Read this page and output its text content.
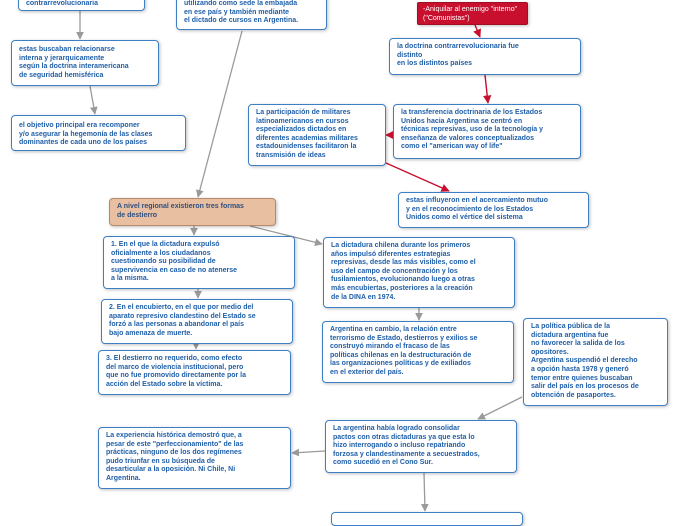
contrarrevolucionaria	utilizando como sede la embajada
en ese país y también mediante
el dictado de cursos en Argentina.
-Aniquilar al enemigo "interno"
("Comunistas")
estas buscaban relacionarse
interna y jerarquicamente
según la doctrina interamericana
de seguridad hemisférica
la doctrina contrarrevolucionaria fue
distinto
en los distintos países
el objetivo principal era recomponer
y/o asegurar la hegemonía de las clases
dominantes de cada uno de los países
La participación de militares
latinoamericanos en cursos
especializados dictados en
diferentes academias militares
estadounidenses facilitaron la
transmisión de ideas
la transferencia doctrinaria de los Estados
Unidos hacia Argentina se centró en
técnicas represivas, uso de la tecnología y
enseñanza de valores conceptualizados
como el "american way of life"
estas influyeron en el acercamiento mutuo
y en el reconocimiento de los Estados
Unidos como el vértice del sistema
A nivel regional existieron tres formas
de destierro
1. En el que la dictadura expulsó
oficialmente a los ciudadanos
cuestionando su posibilidad de
supervivencia en caso de no atenerse
a la misma.
La dictadura chilena durante los primeros
años impulsó diferentes estrategias
represivas, desde las más visibles, como el
uso del campo de concentración y los
fusilamientos, evolucionando luego a otras
más encubiertas, posteriores a la creación
de la DINA en 1974.
2. En el encubierto, en el que por medio del
aparato represivo clandestino del Estado se
forzó a las personas a abandonar el país
bajo amenaza de muerte.
Argentina en cambio, la relación entre
terrorismo de Estado, destierros y exilios se
construyó mirando el fracaso de las
políticas chilenas en la destructuración de
las organizaciones políticas y de exiliados
en el exterior del país.
La política pública de la
dictadura argentina fue
no favorecer la salida de los
opositores.
Argentina suspendió el derecho
a opción hasta 1978 y generó
temor entre quienes buscaban
salir del país en los procesos de
obtención de pasaportes.
3. El destierro no requerido, como efecto
del marco de violencia institucional, pero
que no fue promovido directamente por la
acción del Estado sobre la víctima.
La experiencia histórica demostró que, a
pesar de este "perfeccionamiento" de las
prácticas, ninguno de los dos regímenes
pudo triunfar en su búsqueda de
desarticular a la oposición. Ni Chile, Ni
Argentina.
La argentina había logrado consolidar
pactos con otras dictaduras ya que esta lo
hizo interrogando o incluso repatriando
forzosa y clandestinamente a secuestrados,
como sucedió en el Cono Sur.
